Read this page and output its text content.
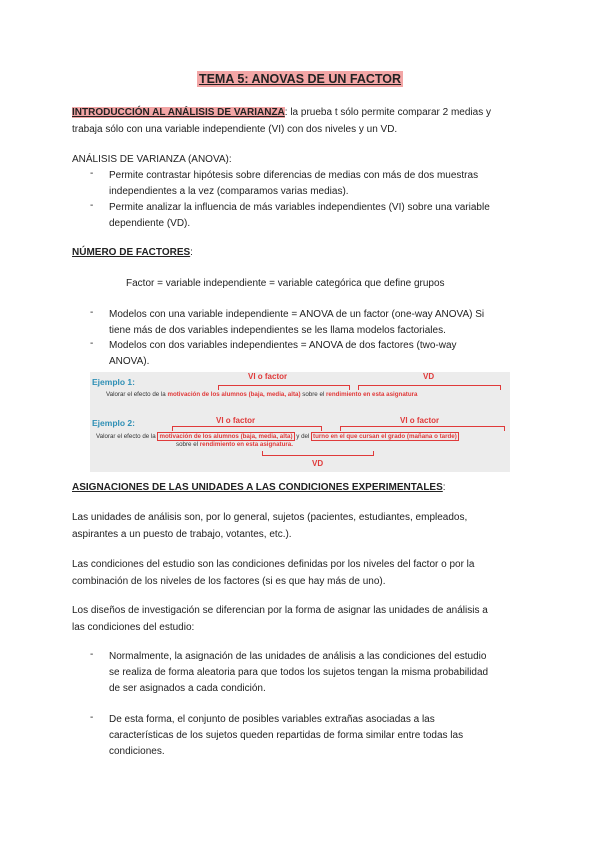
TEMA 5: ANOVAS DE UN FACTOR
INTRODUCCIÓN AL ANÁLISIS DE VARIANZA: la prueba t sólo permite comparar 2 medias y
trabaja sólo con una variable independiente (VI) con dos niveles y un VD.
ANÁLISIS DE VARIANZA (ANOVA):
- Permite contrastar hipótesis sobre diferencias de medias con más de dos muestras
independientes a la vez (comparamos varias medias).
- Permite analizar la influencia de más variables independientes (VI) sobre una variable
dependiente (VD).
NÚMERO DE FACTORES:
Factor = variable independiente = variable categórica que define grupos
- Modelos con una variable independiente = ANOVA de un factor (one-way ANOVA) Si
tiene más de dos variables independientes se les llama modelos factoriales.
- Modelos con dos variables independientes = ANOVA de dos factores (two-way
ANOVA).
Ejemplo 1:
VI o factor	VD
Valorar el efecto de la motivación de los alumnos (baja, media, alta) sobre el rendimiento en esta asignatura
Ejemplo 2:	VI o factor	VI o factor
Valorar el efecto de la motivación de los alumnos (baja, media, alta) y del turno en el que cursan el grado (mañana o tarde)
sobre el rendimiento en esta asignatura.
VD
ASIGNACIONES DE LAS UNIDADES A LAS CONDICIONES EXPERIMENTALES:
Las unidades de análisis son, por lo general, sujetos (pacientes, estudiantes, empleados,
aspirantes a un puesto de trabajo, votantes, etc.).
Las condiciones del estudio son las condiciones definidas por los niveles del factor o por la
combinación de los niveles de los factores (si es que hay más de uno).
Los diseños de investigación se diferencian por la forma de asignar las unidades de análisis a
las condiciones del estudio:
- Normalmente, la asignación de las unidades de análisis a las condiciones del estudio
se realiza de forma aleatoria para que todos los sujetos tengan la misma probabilidad
de ser asignados a cada condición.
- De esta forma, el conjunto de posibles variables extrañas asociadas a las
características de los sujetos queden repartidas de forma similar entre todas las
condiciones.
